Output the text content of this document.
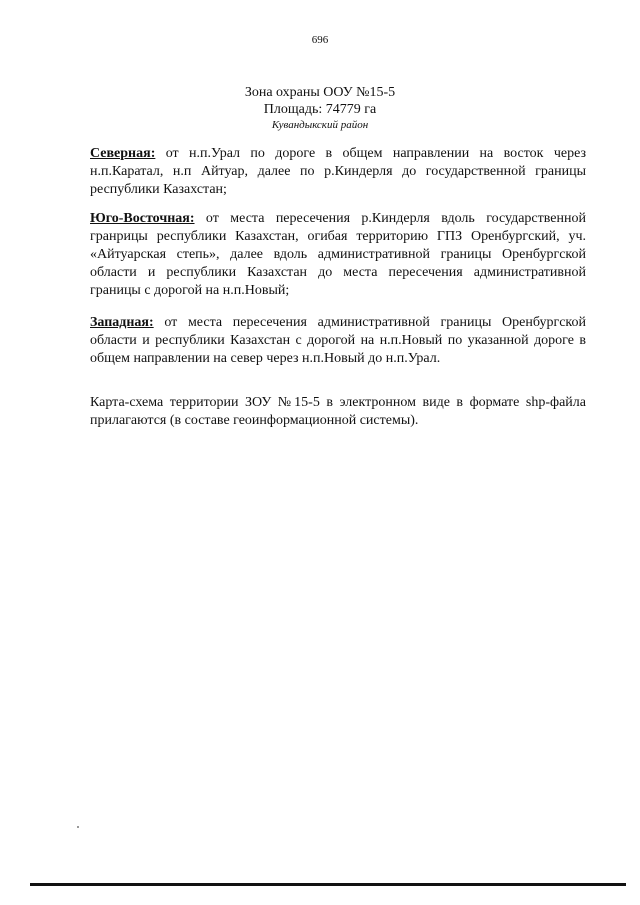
696
Зона охраны ООУ №15-5
Площадь: 74779 га
Кувандыкский район
Северная: от н.п.Урал по дороге в общем направлении на восток через н.п.Каратал, н.п Айтуар, далее по р.Киндерля до государственной границы республики Казахстан;
Юго-Восточная: от места пересечения р.Киндерля вдоль государственной гранрицы республики Казахстан, огибая территорию ГПЗ Оренбургский, уч. «Айтуарская степь», далее вдоль административной границы Оренбургской области и республики Казахстан до места пересечения административной границы с дорогой на н.п.Новый;
Западная: от места пересечения административной границы Оренбургской области и республики Казахстан с дорогой на н.п.Новый по указанной дороге в общем направлении на север через н.п.Новый до н.п.Урал.
Карта-схема территории ЗОУ №15-5 в электронном виде в формате shp-файла прилагаются (в составе геоинформационной системы).
